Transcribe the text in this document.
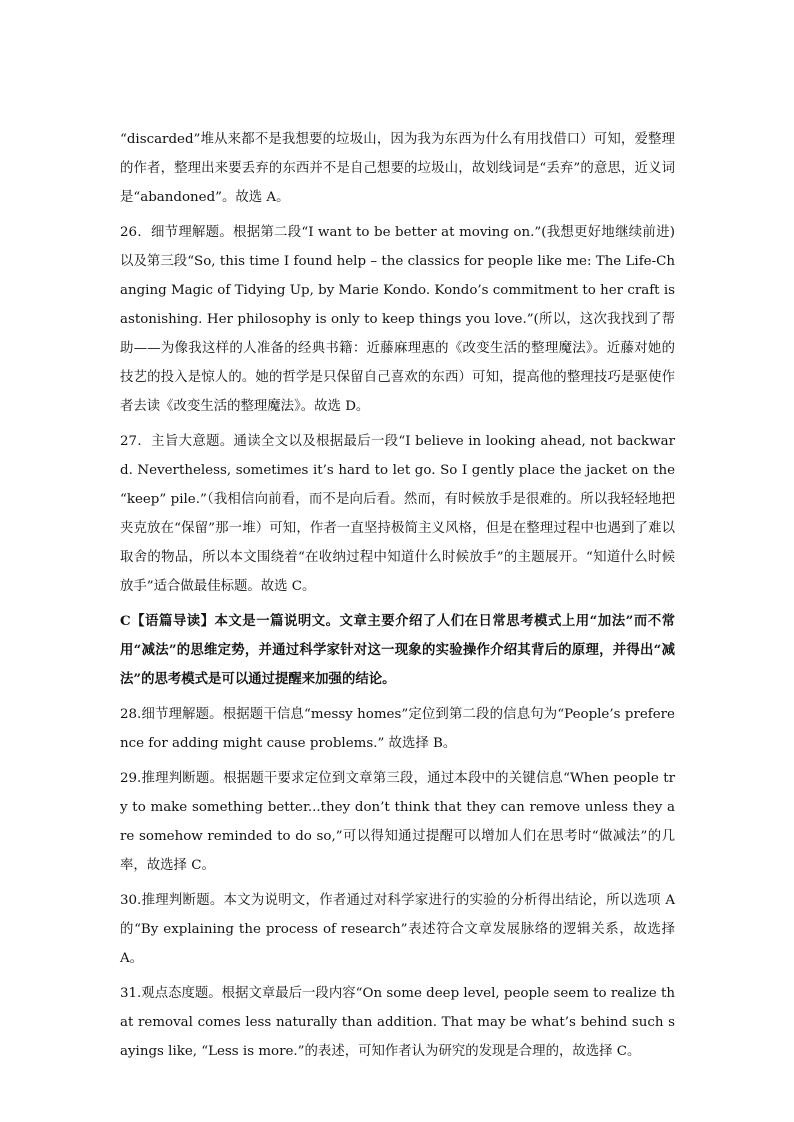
“discarded”堆从来都不是我想要的垃圾山，因为我为东西为什么有用找借口）可知，爱整理的作者，整理出来要丢弃的东西并不是自己想要的垃圾山，故划线词是“丢弃”的意思，近义词是“abandoned”。故选 A。

26．细节理解题。根据第二段“I want to be better at moving on.”(我想更好地继续前进)以及第三段“So, this time I found help – the classics for people like me: The Life-Changing Magic of Tidying Up, by Marie Kondo. Kondo’s commitment to her craft is astonishing. Her philosophy is only to keep things you love.”(所以，这次我找到了帮助——为像我这样的人准备的经典书籍：近藤麻理惠的《改变生活的整理魔法》。近藤对她的技艺的投入是惊人的。她的哲学是只保留自己喜欢的东西）可知，提高他的整理技巧是驱使作者去读《改变生活的整理魔法》。故选 D。

27．主旨大意题。通读全文以及根据最后一段“I believe in looking ahead, not backward. Nevertheless, sometimes it’s hard to let go. So I gently place the jacket on the “keep” pile.”（我相信向前看，而不是向后看。然而，有时候放手是很难的。所以我轻轻地把夹克放在“保留”那一堆）可知，作者一直坚持极简主义风格，但是在整理过程中也遇到了难以取舍的物品，所以本文围绕着“在收纳过程中知道什么时候放手”的主题展开。“知道什么时候放手”适合做最佳标题。故选 C。

C【语篇导读】本文是一篇说明文。文章主要介绍了人们在日常思考模式上用“加法”而不常用“减法”的思维定势，并通过科学家针对这一现象的实验操作介绍其背后的原理，并得出“减法”的思考模式是可以通过提醒来加强的结论。

28.细节理解题。根据题干信息“messy homes”定位到第二段的信息句为“People’s preference for adding might cause problems.” 故选择 B。

29.推理判断题。根据题干要求定位到文章第三段，通过本段中的关键信息“When people try to make something better...they don’t think that they can remove unless they are somehow reminded to do so,”可以得知通过提醒可以增加人们在思考时“做减法”的几率，故选择 C。

30.推理判断题。本文为说明文，作者通过对科学家进行的实验的分析得出结论，所以选项 A 的“By explaining the process of research”表述符合文章发展脉络的逻辑关系，故选择 A。

31.观点态度题。根据文章最后一段内容“On some deep level, people seem to realize that removal comes less naturally than addition. That may be what’s behind such sayings like, “Less is more.”的表述，可知作者认为研究的发现是合理的，故选择 C。
